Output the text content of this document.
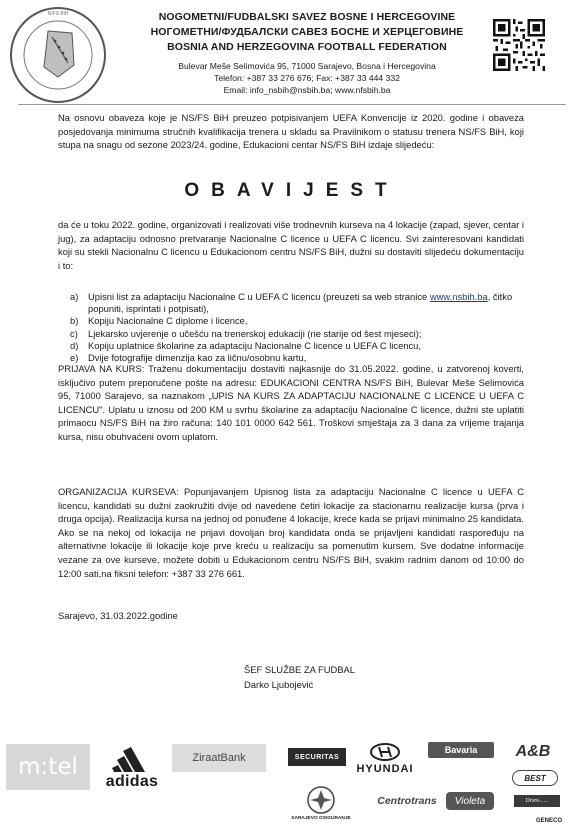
N/FS BiH	NOGOMETNI/FUDBALSKI SAVEZ BOSNE I HERCEGOVINE
НОГОМЕТНИ/ФУДБАЛСКИ САВЕЗ БОСНЕ И ХЕРЦЕГОВИНЕ
BOSNIA AND HERZEGOVINA FOOTBALL FEDERATION
Bulevar Meše Selimovića 95, 71000 Sarajevo, Bosna i Hercegovina
Telefon: +387 33 276 676; Fax: +387 33 444 332
Email: info_nsbih@nsbih.ba; www.nfsbih.ba
Na osnovu obaveza koje je NS/FS BiH preuzeo potpisivanjem UEFA Konvencije iz 2020. godine i obaveza posjedovanja minimuma stručnih kvalifikacija trenera u skladu sa Pravilnikom o statusu trenera NS/FS BiH, koji stupa na snagu od sezone 2023/24. godine, Edukacioni centar NS/FS BiH izdaje slijedeću:
OBAVIJEST
da će u toku 2022. godine, organizovati i realizovati više trodnevnih kurseva na 4 lokacije (zapad, sjever, centar i jug), za adaptaciju odnosno pretvaranje Nacionalne C licence u UEFA C licencu. Svi zainteresovani kandidati koji su stekli Nacionalnu C licencu u Edukacionom centru NS/FS BiH, dužni su dostaviti slijedeću dokumentaciju i to:
a) Upisni list za adaptaciju Nacionalne C u UEFA C licencu (preuzeti sa web stranice www.nsbih.ba, čitko popuniti, isprintati i potpisati),
b) Kopiju Nacionalne C diplome i licence,
c) Ljekarsko uvjerenje o učešću na trenerskoj edukaciji (ne starije od šest mjeseci);
d) Kopiju uplatnice školarine za adaptaciju Nacionalne C licence u UEFA C licencu,
e) Dvije fotografije dimenzija kao za ličnu/osobnu kartu,
PRIJAVA NA KURS: Traženu dokumentaciju dostaviti najkasnije do 31.05.2022. godine, u zatvorenoj koverti, isključivo putem preporučene pošte na adresu: EDUKACIONI CENTRA NS/FS BiH, Bulevar Meše Selimovića 95, 71000 Sarajevo, sa naznakom „UPIS NA KURS ZA ADAPTACIJU NACIONALNE C LICENCE U UEFA C LICENCU". Uplatu u iznosu od 200 KM u svrhu školarine za adaptaciju Nacionalne C licence, dužni ste uplatiti primaocu NS/FS BiH na žiro računa: 140 101 0000 642 561. Troškovi smještaja za 3 dana za vrijeme trajanja kursa, nisu obuhvaćeni ovom uplatom.
ORGANIZACIJA KURSEVA: Popunjavanjem Upisnog lista za adaptaciju Nacionalne C licence u UEFA C licencu, kandidati su dužni zaokružiti dvije od navedene četiri lokacije za stacionarnu realizacije kursa (prva i druga opcija). Realizacija kursa na jednoj od ponuđene 4 lokacije, kreće kada se prijavi minimalno 25 kandidata. Ako se na nekoj od lokacija ne prijavi dovoljan broj kandidata onda se prijavljeni kandidati raspoređuju na alternativne lokacije ili lokacije koje prve kreću u realizaciju sa pomenutim kursem. Sve dodatne informacije vezane za ove kurseve, možete dobiti u Edukacionom centru NS/FS BiH, svakim radnim danom od 10:00 do 12:00 sati,na fiksni telefon: +387 33 276 661.
Sarajevo, 31.03.2022.godine
ŠEF SLUŽBE ZA FUDBAL
Darko Ljubojević
m:tel
adidas
ZiraatBank	SECURITAS
HYUNDAI
Bavaria A&B
BEST
SARAJEVO OSIGURANJE
Centrotrans Violeta	Drvni-.....
GENECO
